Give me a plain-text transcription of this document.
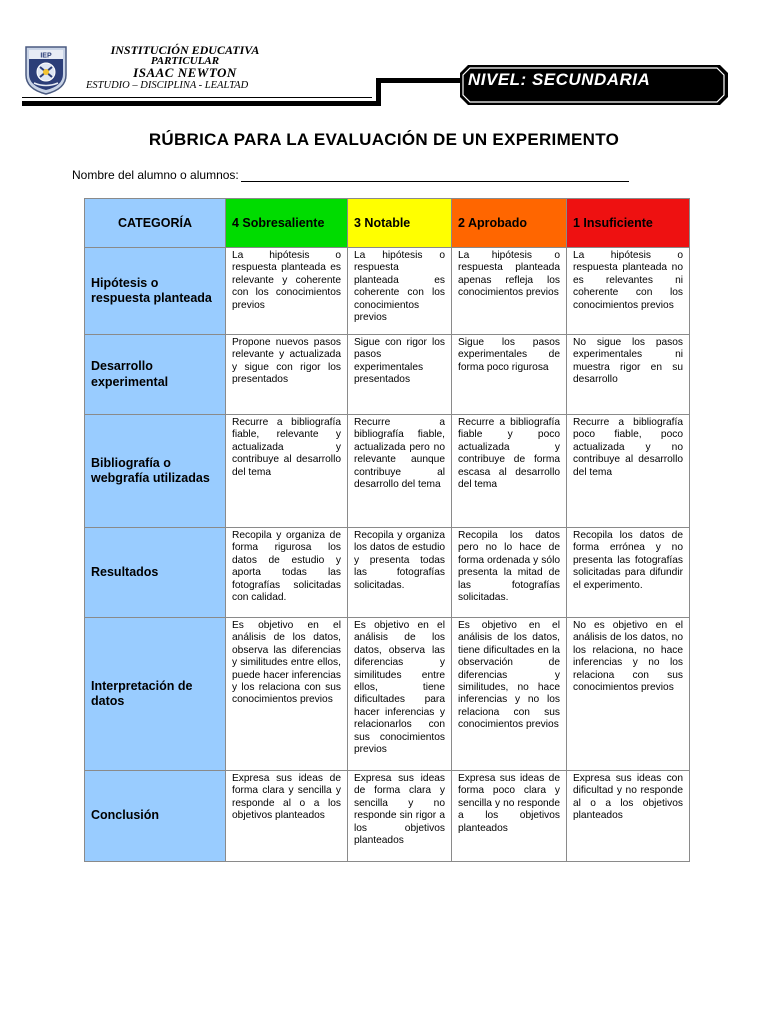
IEP	INSTITUCIÓN EDUCATIVA
PARTICULAR
ISAAC NEWTON
ESTUDIO – DISCIPLINA - LEALTAD	NIVEL: SECUNDARIA
RÚBRICA PARA LA EVALUACIÓN DE UN EXPERIMENTO
Nombre del alumno o alumnos:
CATEGORÍA	4 Sobresaliente	3 Notable	2 Aprobado	1 Insuficiente
Hipótesis o respuesta planteada	La hipótesis o respuesta planteada es relevante y coherente con los conocimientos previos	La hipótesis o respuesta planteada es coherente con los conocimientos previos	La hipótesis o respuesta planteada apenas refleja los conocimientos previos	La hipótesis o respuesta planteada no es relevantes ni coherente con los conocimientos previos
Desarrollo experimental	Propone nuevos pasos relevante y actualizada y sigue con rigor los presentados	Sigue con rigor los pasos experimentales presentados	Sigue los pasos experimentales de forma poco rigurosa	No sigue los pasos experimentales ni muestra rigor en su desarrollo
Bibliografía o webgrafía utilizadas	Recurre a bibliografía fiable, relevante y actualizada y contribuye al desarrollo del tema	Recurre a bibliografía fiable, actualizada pero no relevante aunque contribuye al desarrollo del tema	Recurre a bibliografía fiable y poco actualizada y contribuye de forma escasa al desarrollo del tema	Recurre a bibliografía poco fiable, poco actualizada y no contribuye al desarrollo del tema
Resultados	Recopila y organiza de forma rigurosa los datos de estudio y aporta todas las fotografías solicitadas con calidad.	Recopila y organiza los datos de estudio y presenta todas las fotografías solicitadas.	Recopila los datos pero no lo hace de forma ordenada y sólo presenta la mitad de las fotografías solicitadas.	Recopila los datos de forma errónea y no presenta las fotografías solicitadas para difundir el experimento.
Interpretación de datos	Es objetivo en el análisis de los datos, observa las diferencias y similitudes entre ellos, puede hacer inferencias y los relaciona con sus conocimientos previos	Es objetivo en el análisis de los datos, observa las diferencias y similitudes entre ellos, tiene dificultades para hacer inferencias y relacionarlos con sus conocimientos previos	Es objetivo en el análisis de los datos, tiene dificultades en la observación de diferencias y similitudes, no hace inferencias y no los relaciona con sus conocimientos previos	No es objetivo en el análisis de los datos, no los relaciona, no hace inferencias y no los relaciona con sus conocimientos previos
Conclusión	Expresa sus ideas de forma clara y sencilla y responde al o a los objetivos planteados	Expresa sus ideas de forma clara y sencilla y no responde sin rigor a los objetivos planteados	Expresa sus ideas de forma poco clara y sencilla y no responde a los objetivos planteados	Expresa sus ideas con dificultad y no responde al o a los objetivos planteados
